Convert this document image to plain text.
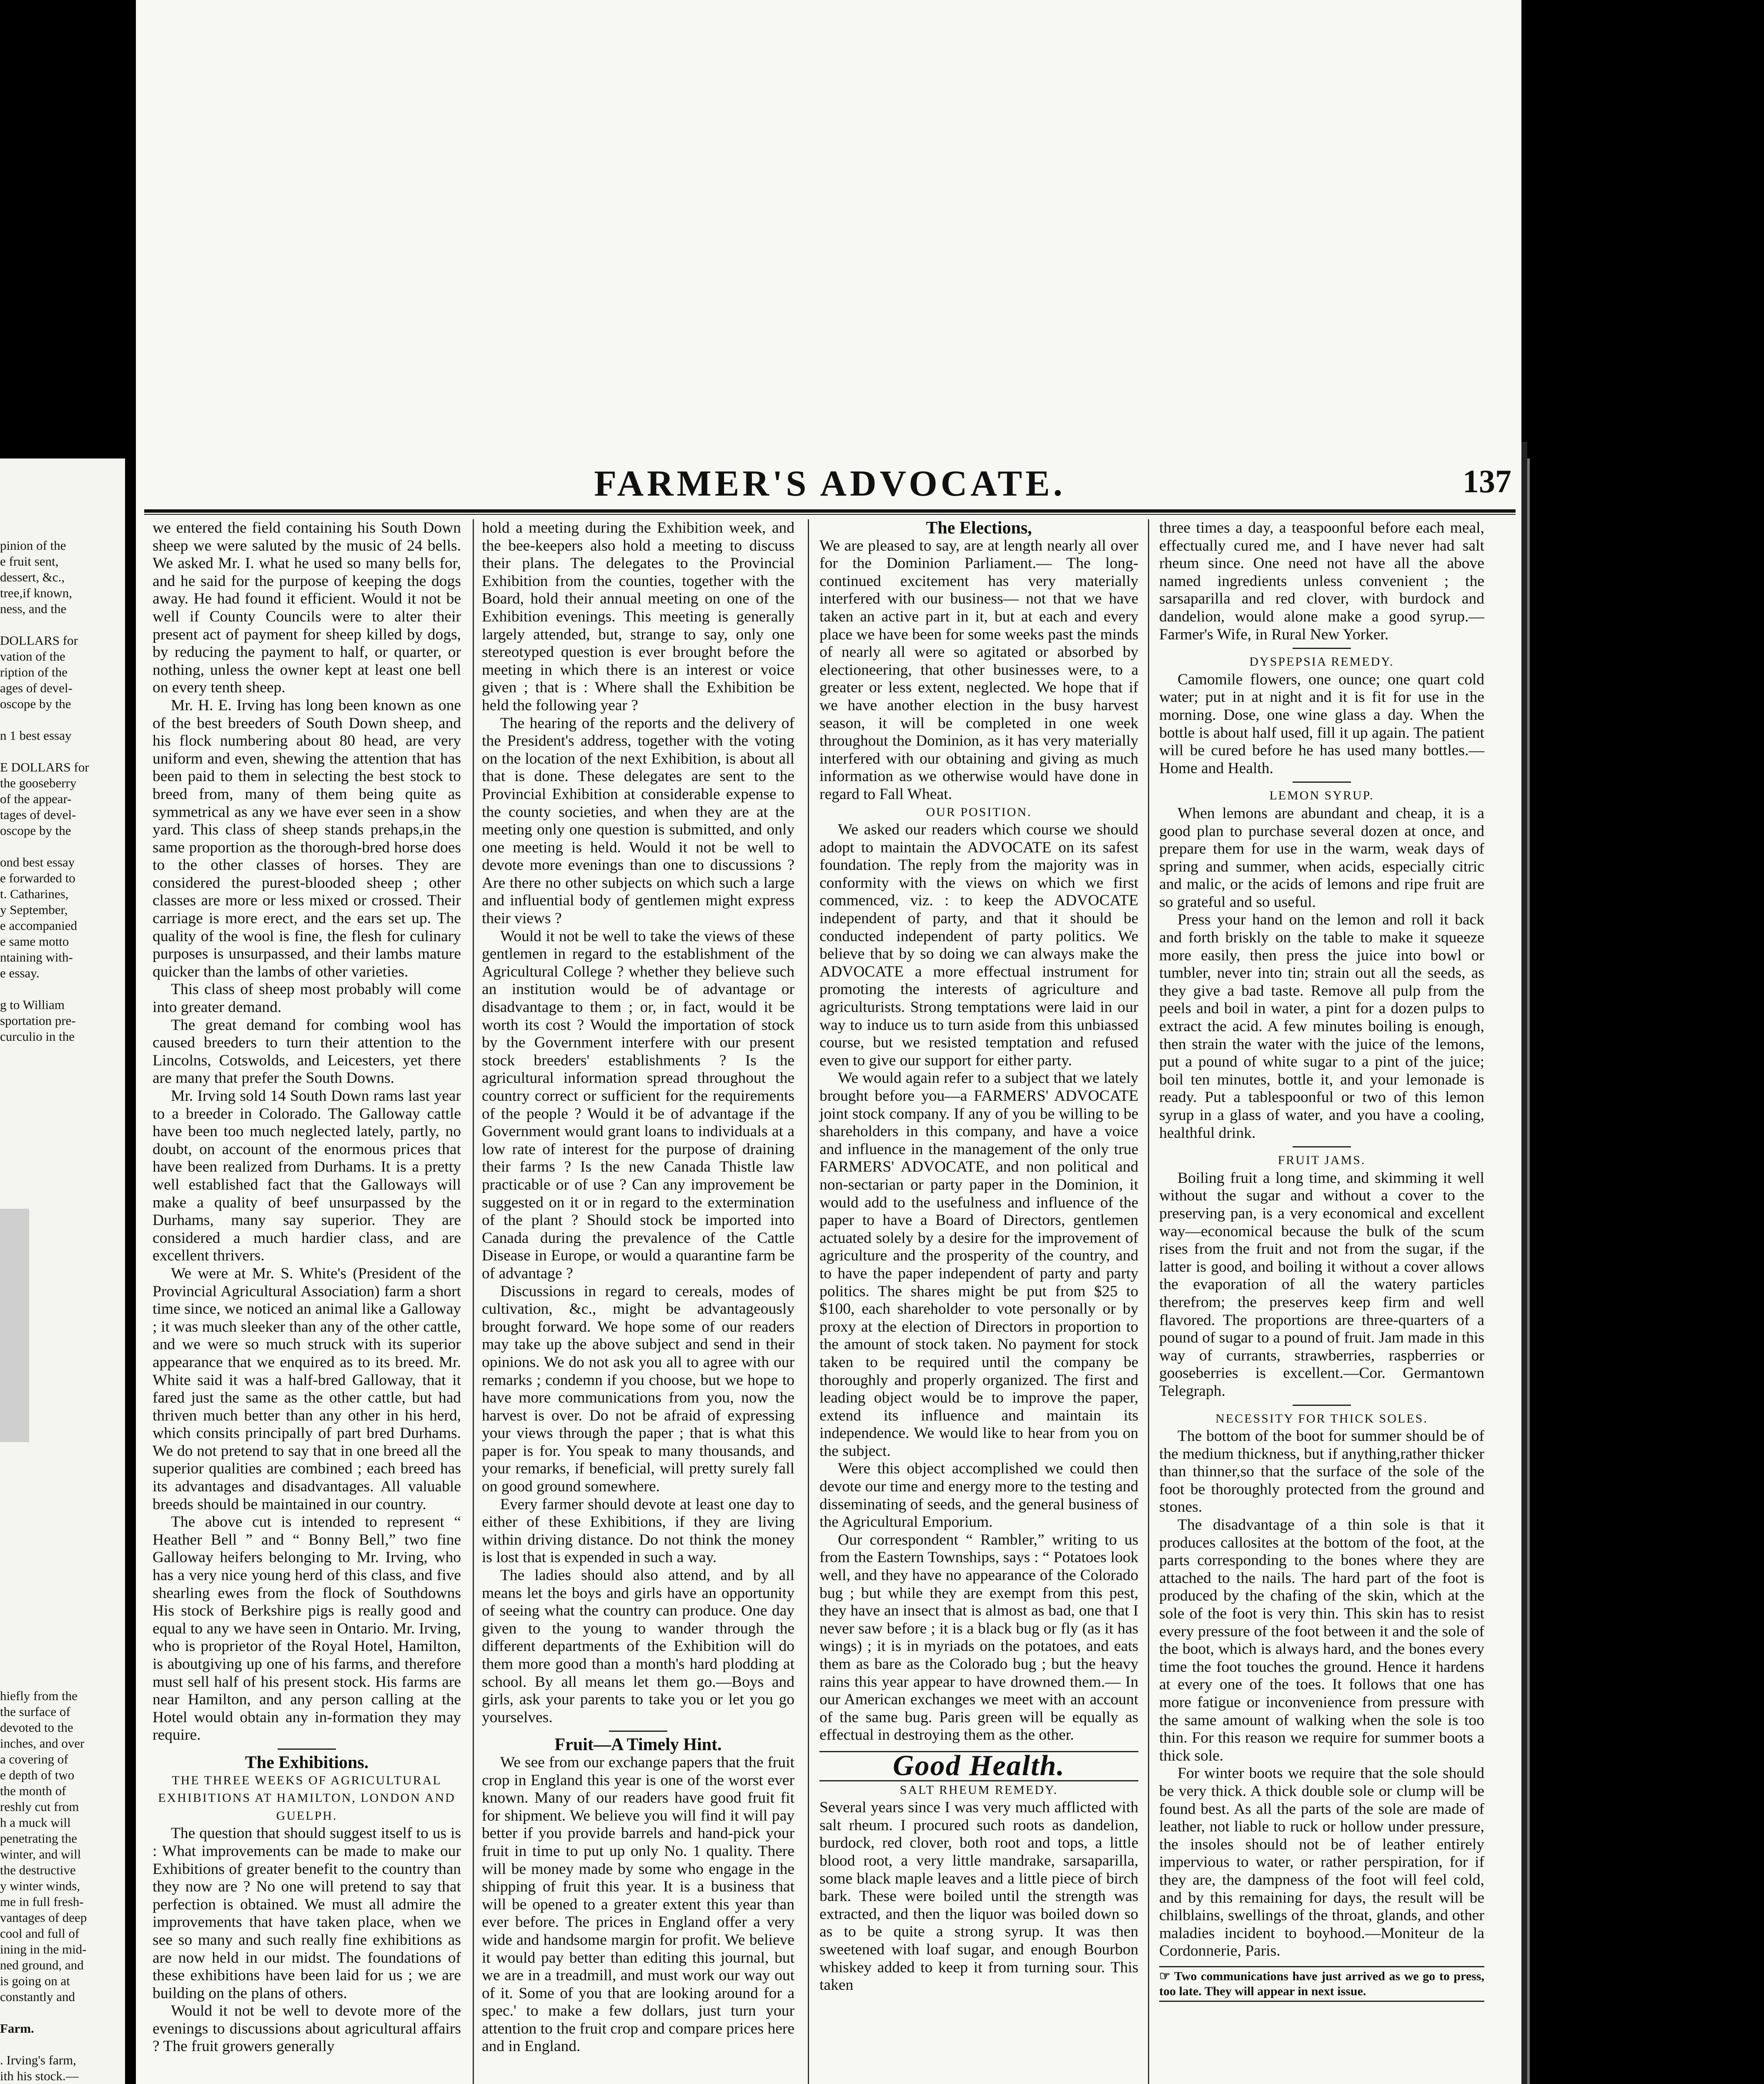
pinion of the
e fruit sent,
dessert, &c.,
tree,if known,
ness, and the

DOLLARS for
vation of the
ription of the
ages of devel-
oscope by the

n 1 best essay

E DOLLARS for
the gooseberry
of the appear-
tages of devel-
oscope by the

ond best essay
e forwarded to
t. Catharines,
y September,
e accompanied
e same motto
ntaining with-
e essay.

g to William
sportation pre-
curculio in the
hiefly from the
the surface of
devoted to the
inches, and over
a covering of
e depth of two
the month of
reshly cut from
h a muck will
penetrating the
winter, and will
the destructive
y winter winds,
me in full fresh-
vantages of deep
cool and full of
ining in the mid-
ned ground, and
is going on at
constantly and

Farm.

. Irving's farm,
ith his stock.—
FARMER'S ADVOCATE.	137

we entered the field containing his South Down sheep we were saluted by the music of 24 bells. We asked Mr. I. what he used so many bells for, and he said for the purpose of keeping the dogs away. He had found it efficient. Would it not be well if County Councils were to alter their present act of payment for sheep killed by dogs, by reducing the payment to half, or quarter, or nothing, unless the owner kept at least one bell on every tenth sheep.

Mr. H. E. Irving has long been known as one of the best breeders of South Down sheep, and his flock numbering about 80 head, are very uniform and even, shewing the attention that has been paid to them in selecting the best stock to breed from, many of them being quite as symmetrical as any we have ever seen in a show yard. This class of sheep stands prehaps,in the same proportion as the thorough-bred horse does to the other classes of horses. They are considered the purest-blooded sheep ; other classes are more or less mixed or crossed. Their carriage is more erect, and the ears set up. The quality of the wool is fine, the flesh for culinary purposes is unsurpassed, and their lambs mature quicker than the lambs of other varieties.

This class of sheep most probably will come into greater demand.

The great demand for combing wool has caused breeders to turn their attention to the Lincolns, Cotswolds, and Leicesters, yet there are many that prefer the South Downs.

Mr. Irving sold 14 South Down rams last year to a breeder in Colorado. The Galloway cattle have been too much neglected lately, partly, no doubt, on account of the enormous prices that have been realized from Durhams. It is a pretty well established fact that the Galloways will make a quality of beef unsurpassed by the Durhams, many say superior. They are considered a much hardier class, and are excellent thrivers.

We were at Mr. S. White's (President of the Provincial Agricultural Association) farm a short time since, we noticed an animal like a Galloway ; it was much sleeker than any of the other cattle, and we were so much struck with its superior appearance that we enquired as to its breed. Mr. White said it was a half-bred Galloway, that it fared just the same as the other cattle, but had thriven much better than any other in his herd, which consits principally of part bred Durhams. We do not pretend to say that in one breed all the superior qualities are combined ; each breed has its advantages and disadvantages. All valuable breeds should be maintained in our country.

The above cut is intended to represent “ Heather Bell ” and “ Bonny Bell,” two fine Galloway heifers belonging to Mr. Irving, who has a very nice young herd of this class, and five shearling ewes from the flock of Southdowns His stock of Berkshire pigs is really good and equal to any we have seen in Ontario. Mr. Irving, who is proprietor of the Royal Hotel, Hamilton, is aboutgiving up one of his farms, and therefore must sell half of his present stock. His farms are near Hamilton, and any person calling at the Hotel would obtain any in-formation they may require.

The Exhibitions.

THE THREE WEEKS OF AGRICULTURAL EXHIBITIONS AT HAMILTON, LONDON AND GUELPH.

The question that should suggest itself to us is : What improvements can be made to make our Exhibitions of greater benefit to the country than they now are ? No one will pretend to say that perfection is obtained. We must all admire the improvements that have taken place, when we see so many and such really fine exhibitions as are now held in our midst. The foundations of these exhibitions have been laid for us ; we are building on the plans of others.

Would it not be well to devote more of the evenings to discussions about agricultural affairs ? The fruit growers generally

hold a meeting during the Exhibition week, and the bee-keepers also hold a meeting to discuss their plans. The delegates to the Provincial Exhibition from the counties, together with the Board, hold their annual meeting on one of the Exhibition evenings. This meeting is generally largely attended, but, strange to say, only one stereotyped question is ever brought before the meeting in which there is an interest or voice given ; that is : Where shall the Exhibition be held the following year ?

The hearing of the reports and the delivery of the President's address, together with the voting on the location of the next Exhibition, is about all that is done. These delegates are sent to the Provincial Exhibition at considerable expense to the county societies, and when they are at the meeting only one question is submitted, and only one meeting is held. Would it not be well to devote more evenings than one to discussions ? Are there no other subjects on which such a large and influential body of gentlemen might express their views ?

Would it not be well to take the views of these gentlemen in regard to the establishment of the Agricultural College ? whether they believe such an institution would be of advantage or disadvantage to them ; or, in fact, would it be worth its cost ? Would the importation of stock by the Government interfere with our present stock breeders' establishments ? Is the agricultural information spread throughout the country correct or sufficient for the requirements of the people ? Would it be of advantage if the Government would grant loans to individuals at a low rate of interest for the purpose of draining their farms ? Is the new Canada Thistle law practicable or of use ? Can any improvement be suggested on it or in regard to the extermination of the plant ? Should stock be imported into Canada during the prevalence of the Cattle Disease in Europe, or would a quarantine farm be of advantage ?

Discussions in regard to cereals, modes of cultivation, &c., might be advantageously brought forward. We hope some of our readers may take up the above subject and send in their opinions. We do not ask you all to agree with our remarks ; condemn if you choose, but we hope to have more communications from you, now the harvest is over. Do not be afraid of expressing your views through the paper ; that is what this paper is for. You speak to many thousands, and your remarks, if beneficial, will pretty surely fall on good ground somewhere.

Every farmer should devote at least one day to either of these Exhibitions, if they are living within driving distance. Do not think the money is lost that is expended in such a way.

The ladies should also attend, and by all means let the boys and girls have an opportunity of seeing what the country can produce. One day given to the young to wander through the different departments of the Exhibition will do them more good than a month's hard plodding at school. By all means let them go.—Boys and girls, ask your parents to take you or let you go yourselves.

Fruit—A Timely Hint.

We see from our exchange papers that the fruit crop in England this year is one of the worst ever known. Many of our readers have good fruit fit for shipment. We believe you will find it will pay better if you provide barrels and hand-pick your fruit in time to put up only No. 1 quality. There will be money made by some who engage in the shipping of fruit this year. It is a business that will be opened to a greater extent this year than ever before. The prices in England offer a very wide and handsome margin for profit. We believe it would pay better than editing this journal, but we are in a treadmill, and must work our way out of it. Some of you that are looking around for a spec.' to make a few dollars, just turn your attention to the fruit crop and compare prices here and in England.

The Elections,

We are pleased to say, are at length nearly all over for the Dominion Parliament.— The long-continued excitement has very materially interfered with our business— not that we have taken an active part in it, but at each and every place we have been for some weeks past the minds of nearly all were so agitated or absorbed by electioneering, that other businesses were, to a greater or less extent, neglected. We hope that if we have another election in the busy harvest season, it will be completed in one week throughout the Dominion, as it has very materially interfered with our obtaining and giving as much information as we otherwise would have done in regard to Fall Wheat.

OUR POSITION.

We asked our readers which course we should adopt to maintain the ADVOCATE on its safest foundation. The reply from the majority was in conformity with the views on which we first commenced, viz. : to keep the ADVOCATE independent of party, and that it should be conducted independent of party politics. We believe that by so doing we can always make the ADVOCATE a more effectual instrument for promoting the interests of agriculture and agriculturists. Strong temptations were laid in our way to induce us to turn aside from this unbiassed course, but we resisted temptation and refused even to give our support for either party.

We would again refer to a subject that we lately brought before you—a FARMERS' ADVOCATE joint stock company. If any of you be willing to be shareholders in this company, and have a voice and influence in the management of the only true FARMERS' ADVOCATE, and non political and non-sectarian or party paper in the Dominion, it would add to the usefulness and influence of the paper to have a Board of Directors, gentlemen actuated solely by a desire for the improvement of agriculture and the prosperity of the country, and to have the paper independent of party and party politics. The shares might be put from $25 to $100, each shareholder to vote personally or by proxy at the election of Directors in proportion to the amount of stock taken. No payment for stock taken to be required until the company be thoroughly and properly organized. The first and leading object would be to improve the paper, extend its influence and maintain its independence. We would like to hear from you on the subject.

Were this object accomplished we could then devote our time and energy more to the testing and disseminating of seeds, and the general business of the Agricultural Emporium.

Our correspondent “ Rambler,” writing to us from the Eastern Townships, says : “ Potatoes look well, and they have no appearance of the Colorado bug ; but while they are exempt from this pest, they have an insect that is almost as bad, one that I never saw before ; it is a black bug or fly (as it has wings) ; it is in myriads on the potatoes, and eats them as bare as the Colorado bug ; but the heavy rains this year appear to have drowned them.— In our American exchanges we meet with an account of the same bug. Paris green will be equally as effectual in destroying them as the other.

Good Health.

SALT RHEUM REMEDY.

Several years since I was very much afflicted with salt rheum. I procured such roots as dandelion, burdock, red clover, both root and tops, a little blood root, a very little mandrake, sarsaparilla, some black maple leaves and a little piece of birch bark. These were boiled until the strength was extracted, and then the liquor was boiled down so as to be quite a strong syrup. It was then sweetened with loaf sugar, and enough Bourbon whiskey added to keep it from turning sour. This taken

three times a day, a teaspoonful before each meal, effectually cured me, and I have never had salt rheum since. One need not have all the above named ingredients unless convenient ; the sarsaparilla and red clover, with burdock and dandelion, would alone make a good syrup.—Farmer's Wife, in Rural New Yorker.

DYSPEPSIA REMEDY.

Camomile flowers, one ounce; one quart cold water; put in at night and it is fit for use in the morning. Dose, one wine glass a day. When the bottle is about half used, fill it up again. The patient will be cured before he has used many bottles.—Home and Health.

LEMON SYRUP.

When lemons are abundant and cheap, it is a good plan to purchase several dozen at once, and prepare them for use in the warm, weak days of spring and summer, when acids, especially citric and malic, or the acids of lemons and ripe fruit are so grateful and so useful.

Press your hand on the lemon and roll it back and forth briskly on the table to make it squeeze more easily, then press the juice into bowl or tumbler, never into tin; strain out all the seeds, as they give a bad taste. Remove all pulp from the peels and boil in water, a pint for a dozen pulps to extract the acid. A few minutes boiling is enough, then strain the water with the juice of the lemons, put a pound of white sugar to a pint of the juice; boil ten minutes, bottle it, and your lemonade is ready. Put a tablespoonful or two of this lemon syrup in a glass of water, and you have a cooling, healthful drink.

FRUIT JAMS.

Boiling fruit a long time, and skimming it well without the sugar and without a cover to the preserving pan, is a very economical and excellent way—economical because the bulk of the scum rises from the fruit and not from the sugar, if the latter is good, and boiling it without a cover allows the evaporation of all the watery particles therefrom; the preserves keep firm and well flavored. The proportions are three-quarters of a pound of sugar to a pound of fruit. Jam made in this way of currants, strawberries, raspberries or gooseberries is excellent.—Cor. Germantown Telegraph.

NECESSITY FOR THICK SOLES.

The bottom of the boot for summer should be of the medium thickness, but if anything,rather thicker than thinner,so that the surface of the sole of the foot be thoroughly protected from the ground and stones.

The disadvantage of a thin sole is that it produces callosites at the bottom of the foot, at the parts corresponding to the bones where they are attached to the nails. The hard part of the foot is produced by the chafing of the skin, which at the sole of the foot is very thin. This skin has to resist every pressure of the foot between it and the sole of the boot, which is always hard, and the bones every time the foot touches the ground. Hence it hardens at every one of the toes. It follows that one has more fatigue or inconvenience from pressure with the same amount of walking when the sole is too thin. For this reason we require for summer boots a thick sole.

For winter boots we require that the sole should be very thick. A thick double sole or clump will be found best. As all the parts of the sole are made of leather, not liable to ruck or hollow under pressure, the insoles should not be of leather entirely impervious to water, or rather perspiration, for if they are, the dampness of the foot will feel cold, and by this remaining for days, the result will be chilblains, swellings of the throat, glands, and other maladies incident to boyhood.—Moniteur de la Cordonnerie, Paris.

☞ Two communications have just arrived as we go to press, too late. They will appear in next issue.
